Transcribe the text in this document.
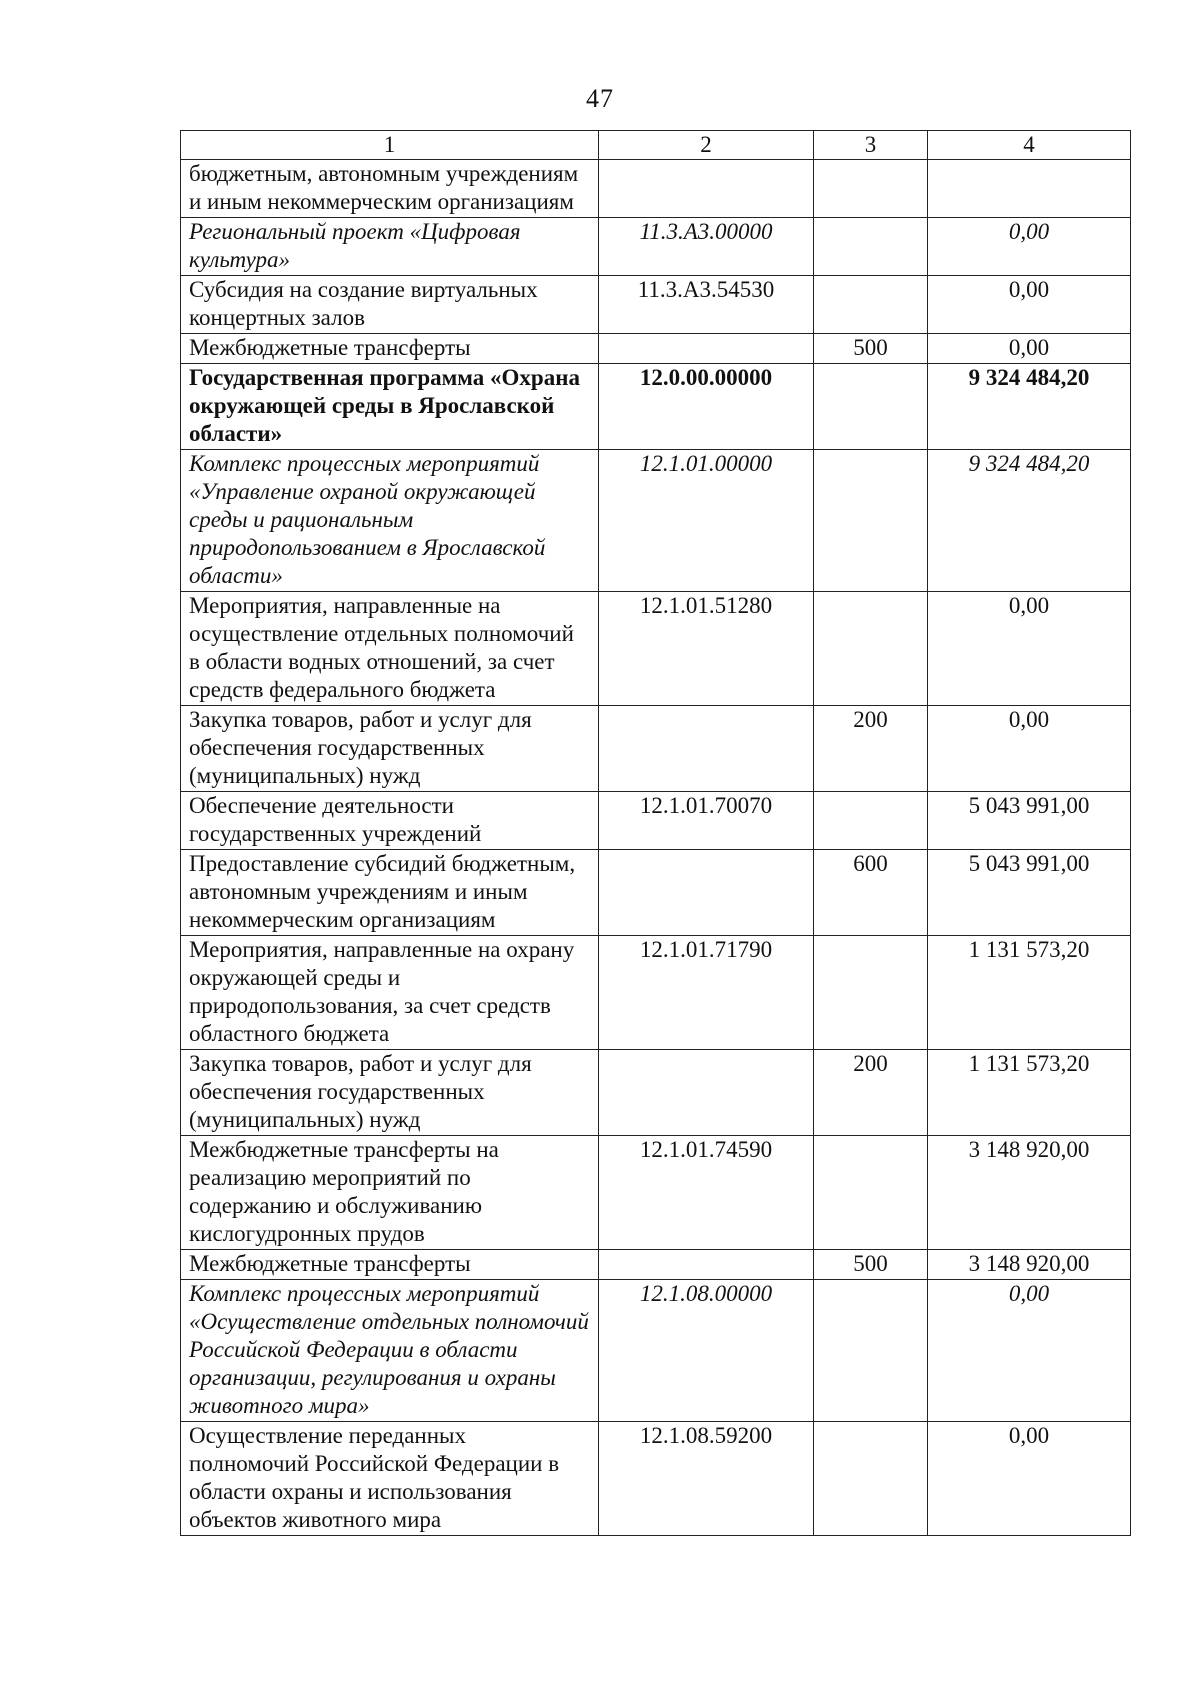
47
1	2	3	4
бюджетным, автономным учреждениям и иным некоммерческим организациям			
Региональный проект «Цифровая культура»	11.3.A3.00000		0,00
Субсидия на создание виртуальных концертных залов	11.3.A3.54530		0,00
Межбюджетные трансферты		500	0,00
Государственная программа «Охрана окружающей среды в Ярославской области»	12.0.00.00000		9 324 484,20
Комплекс процессных мероприятий «Управление охраной окружающей среды и рациональным природопользованием в Ярославской области»	12.1.01.00000		9 324 484,20
Мероприятия, направленные на осуществление отдельных полномочий в области водных отношений, за счет средств федерального бюджета	12.1.01.51280		0,00
Закупка товаров, работ и услуг для обеспечения государственных (муниципальных) нужд		200	0,00
Обеспечение деятельности государственных учреждений	12.1.01.70070		5 043 991,00
Предоставление субсидий бюджетным, автономным учреждениям и иным некоммерческим организациям		600	5 043 991,00
Мероприятия, направленные на охрану окружающей среды и природопользования, за счет средств областного бюджета	12.1.01.71790		1 131 573,20
Закупка товаров, работ и услуг для обеспечения государственных (муниципальных) нужд		200	1 131 573,20
Межбюджетные трансферты на реализацию мероприятий по содержанию и обслуживанию кислогудронных прудов	12.1.01.74590		3 148 920,00
Межбюджетные трансферты		500	3 148 920,00
Комплекс процессных мероприятий «Осуществление отдельных полномочий Российской Федерации в области организации, регулирования и охраны животного мира»	12.1.08.00000		0,00
Осуществление переданных полномочий Российской Федерации в области охраны и использования объектов животного мира	12.1.08.59200		0,00
